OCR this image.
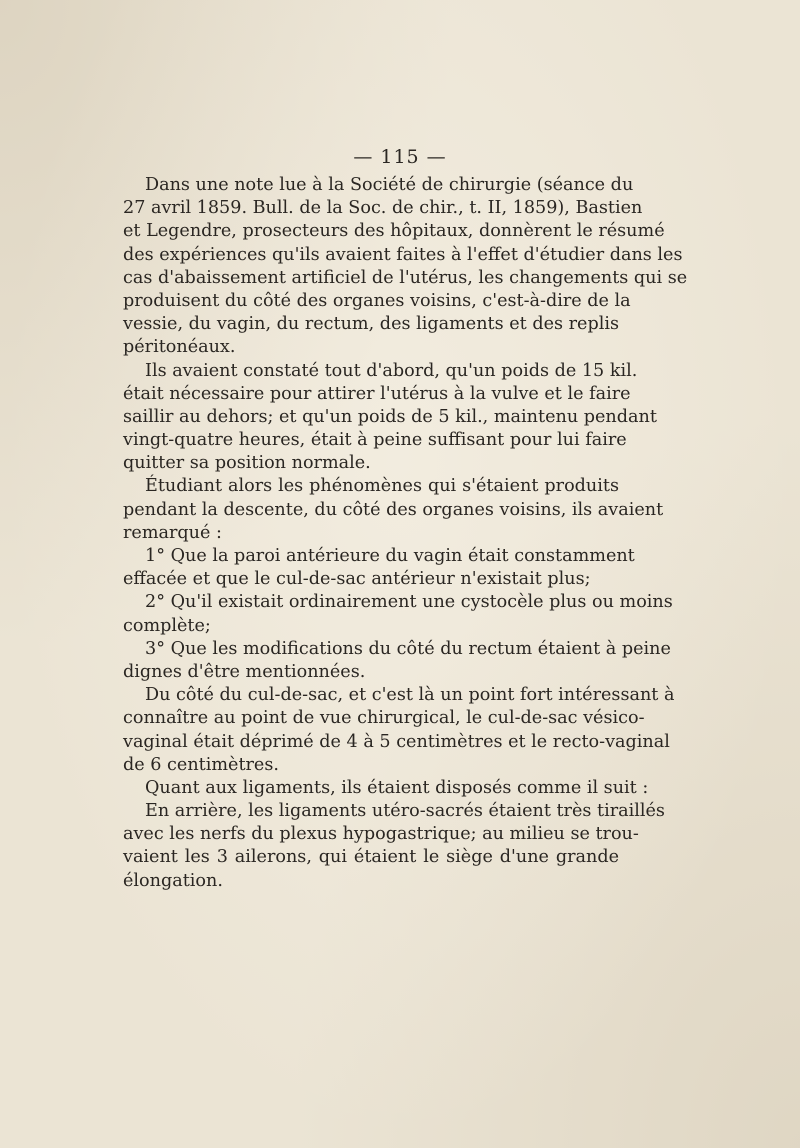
— 115 —
Dans une note lue à la Société de chirurgie (séance du
27 avril 1859. Bull. de la Soc. de chir., t. II, 1859), Bastien
et Legendre, prosecteurs des hôpitaux, donnèrent le résumé
des expériences qu'ils avaient faites à l'effet d'étudier dans les
cas d'abaissement artificiel de l'utérus, les changements qui se
produisent du côté des organes voisins, c'est-à-dire de la
vessie, du vagin, du rectum, des ligaments et des replis
péritonéaux.
Ils avaient constaté tout d'abord, qu'un poids de 15 kil.
était nécessaire pour attirer l'utérus à la vulve et le faire
saillir au dehors; et qu'un poids de 5 kil., maintenu pendant
vingt-quatre heures, était à peine suffisant pour lui faire
quitter sa position normale.
Étudiant alors les phénomènes qui s'étaient produits
pendant la descente, du côté des organes voisins, ils avaient
remarqué :
1° Que la paroi antérieure du vagin était constamment
effacée et que le cul-de-sac antérieur n'existait plus;
2° Qu'il existait ordinairement une cystocèle plus ou moins
complète;
3° Que les modifications du côté du rectum étaient à peine
dignes d'être mentionnées.
Du côté du cul-de-sac, et c'est là un point fort intéressant à
connaître au point de vue chirurgical, le cul-de-sac vésico-
vaginal était déprimé de 4 à 5 centimètres et le recto-vaginal
de 6 centimètres.
Quant aux ligaments, ils étaient disposés comme il suit :
En arrière, les ligaments utéro-sacrés étaient très tiraillés
avec les nerfs du plexus hypogastrique; au milieu se trou-
vaient les 3 ailerons, qui étaient le siège d'une grande
élongation.
